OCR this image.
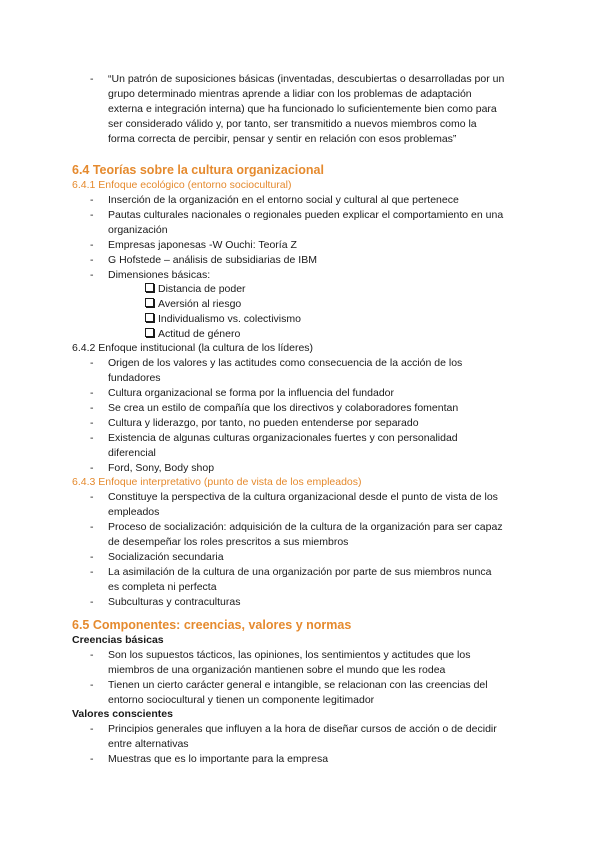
- “Un patrón de suposiciones básicas (inventadas, descubiertas o desarrolladas por un
grupo determinado mientras aprende a lidiar con los problemas de adaptación
externa e integración interna) que ha funcionado lo suficientemente bien como para
ser considerado válido y, por tanto, ser transmitido a nuevos miembros como la
forma correcta de percibir, pensar y sentir en relación con esos problemas”
6.4 Teorías sobre la cultura organizacional
6.4.1 Enfoque ecológico (entorno sociocultural)
- Inserción de la organización en el entorno social y cultural al que pertenece
- Pautas culturales nacionales o regionales pueden explicar el comportamiento en una
organización
- Empresas japonesas -W Ouchi: Teoría Z
- G Hofstede – análisis de subsidiarias de IBM
- Dimensiones básicas:
Distancia de poder
Aversión al riesgo
Individualismo vs. colectivismo
Actitud de género
6.4.2 Enfoque institucional (la cultura de los líderes)
- Origen de los valores y las actitudes como consecuencia de la acción de los
fundadores
- Cultura organizacional se forma por la influencia del fundador
- Se crea un estilo de compañía que los directivos y colaboradores fomentan
- Cultura y liderazgo, por tanto, no pueden entenderse por separado
- Existencia de algunas culturas organizacionales fuertes y con personalidad
diferencial
- Ford, Sony, Body shop
6.4.3 Enfoque interpretativo (punto de vista de los empleados)
- Constituye la perspectiva de la cultura organizacional desde el punto de vista de los
empleados
- Proceso de socialización: adquisición de la cultura de la organización para ser capaz
de desempeñar los roles prescritos a sus miembros
- Socialización secundaria
- La asimilación de la cultura de una organización por parte de sus miembros nunca
es completa ni perfecta
- Subculturas y contraculturas
6.5 Componentes: creencias, valores y normas
Creencias básicas
- Son los supuestos tácticos, las opiniones, los sentimientos y actitudes que los
miembros de una organización mantienen sobre el mundo que les rodea
- Tienen un cierto carácter general e intangible, se relacionan con las creencias del
entorno sociocultural y tienen un componente legitimador
Valores conscientes
- Principios generales que influyen a la hora de diseñar cursos de acción o de decidir
entre alternativas
- Muestras que es lo importante para la empresa
